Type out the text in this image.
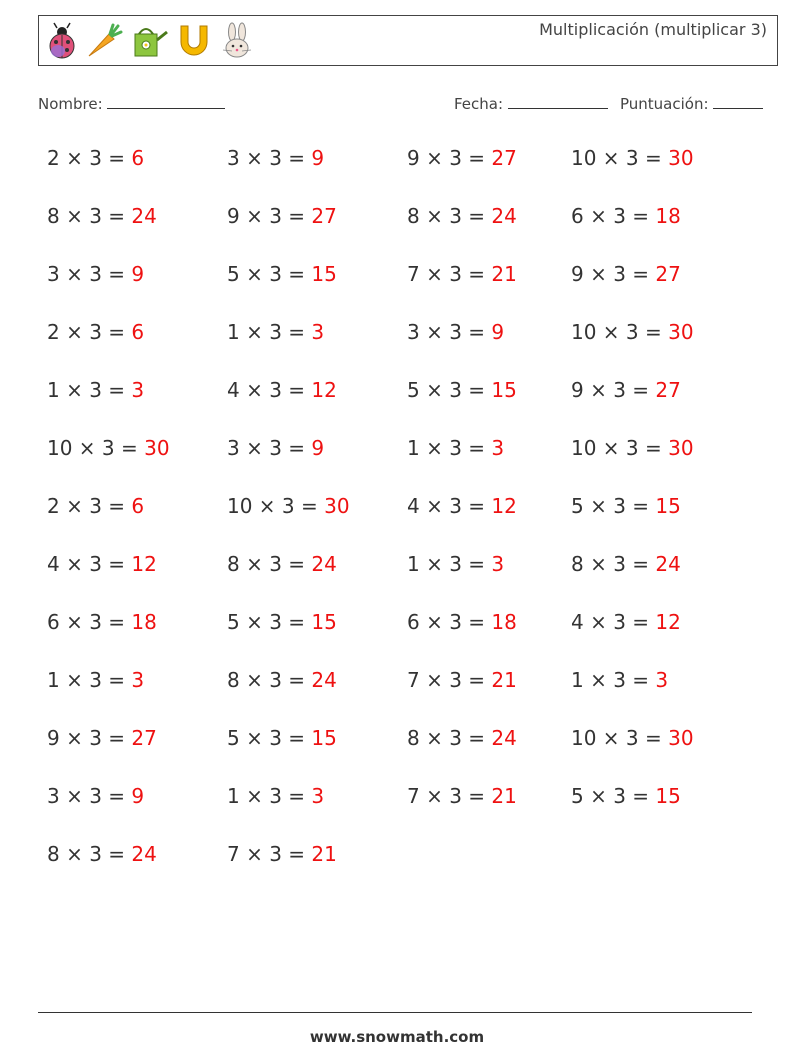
Multiplicación (multiplicar 3)
Nombre:	Fecha:	Puntuación:
2 × 3 = 6	3 × 3 = 9	9 × 3 = 27	10 × 3 = 30
8 × 3 = 24	9 × 3 = 27	8 × 3 = 24	6 × 3 = 18
3 × 3 = 9	5 × 3 = 15	7 × 3 = 21	9 × 3 = 27
2 × 3 = 6	1 × 3 = 3	3 × 3 = 9	10 × 3 = 30
1 × 3 = 3	4 × 3 = 12	5 × 3 = 15	9 × 3 = 27
10 × 3 = 30	3 × 3 = 9	1 × 3 = 3	10 × 3 = 30
2 × 3 = 6	10 × 3 = 30	4 × 3 = 12	5 × 3 = 15
4 × 3 = 12	8 × 3 = 24	1 × 3 = 3	8 × 3 = 24
6 × 3 = 18	5 × 3 = 15	6 × 3 = 18	4 × 3 = 12
1 × 3 = 3	8 × 3 = 24	7 × 3 = 21	1 × 3 = 3
9 × 3 = 27	5 × 3 = 15	8 × 3 = 24	10 × 3 = 30
3 × 3 = 9	1 × 3 = 3	7 × 3 = 21	5 × 3 = 15
8 × 3 = 24	7 × 3 = 21
www.snowmath.com
